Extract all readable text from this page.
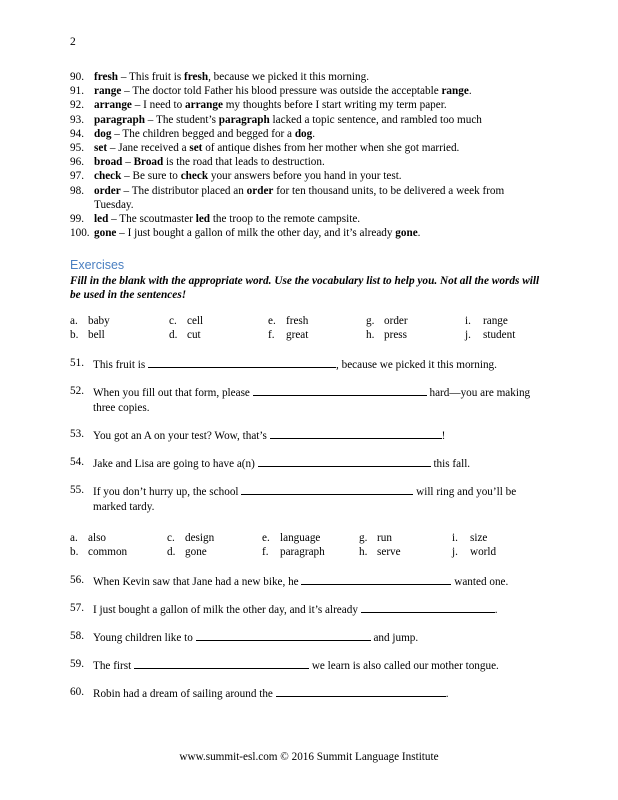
2
90. fresh – This fruit is fresh, because we picked it this morning.
91. range – The doctor told Father his blood pressure was outside the acceptable range.
92. arrange – I need to arrange my thoughts before I start writing my term paper.
93. paragraph – The student’s paragraph lacked a topic sentence, and rambled too much
94. dog – The children begged and begged for a dog.
95. set – Jane received a set of antique dishes from her mother when she got married.
96. broad – Broad is the road that leads to destruction.
97. check – Be sure to check your answers before you hand in your test.
98. order – The distributor placed an order for ten thousand units, to be delivered a week from Tuesday.
99. led – The scoutmaster led the troop to the remote campsite.
100. gone – I just bought a gallon of milk the other day, and it’s already gone.
Exercises
Fill in the blank with the appropriate word. Use the vocabulary list to help you. Not all the words will be used in the sentences!
a. baby	c. cell	e. fresh	g. order	i. range
b. bell	d. cut	f. great	h. press	j. student
51. This fruit is	, because we picked it this morning.
52. When you fill out that form, please	hard—you are making three copies.
53. You got an A on your test? Wow, that’s	!
54. Jake and Lisa are going to have a(n)	this fall.
55. If you don’t hurry up, the school	will ring and you’ll be marked tardy.
a. also	c. design	e. language	g. run	i. size
b. common	d. gone	f. paragraph	h. serve	j. world
56. When Kevin saw that Jane had a new bike, he	wanted one.
57. I just bought a gallon of milk the other day, and it’s already	.
58. Young children like to	and jump.
59. The first	we learn is also called our mother tongue.
60. Robin had a dream of sailing around the	.
www.summit-esl.com © 2016 Summit Language Institute
